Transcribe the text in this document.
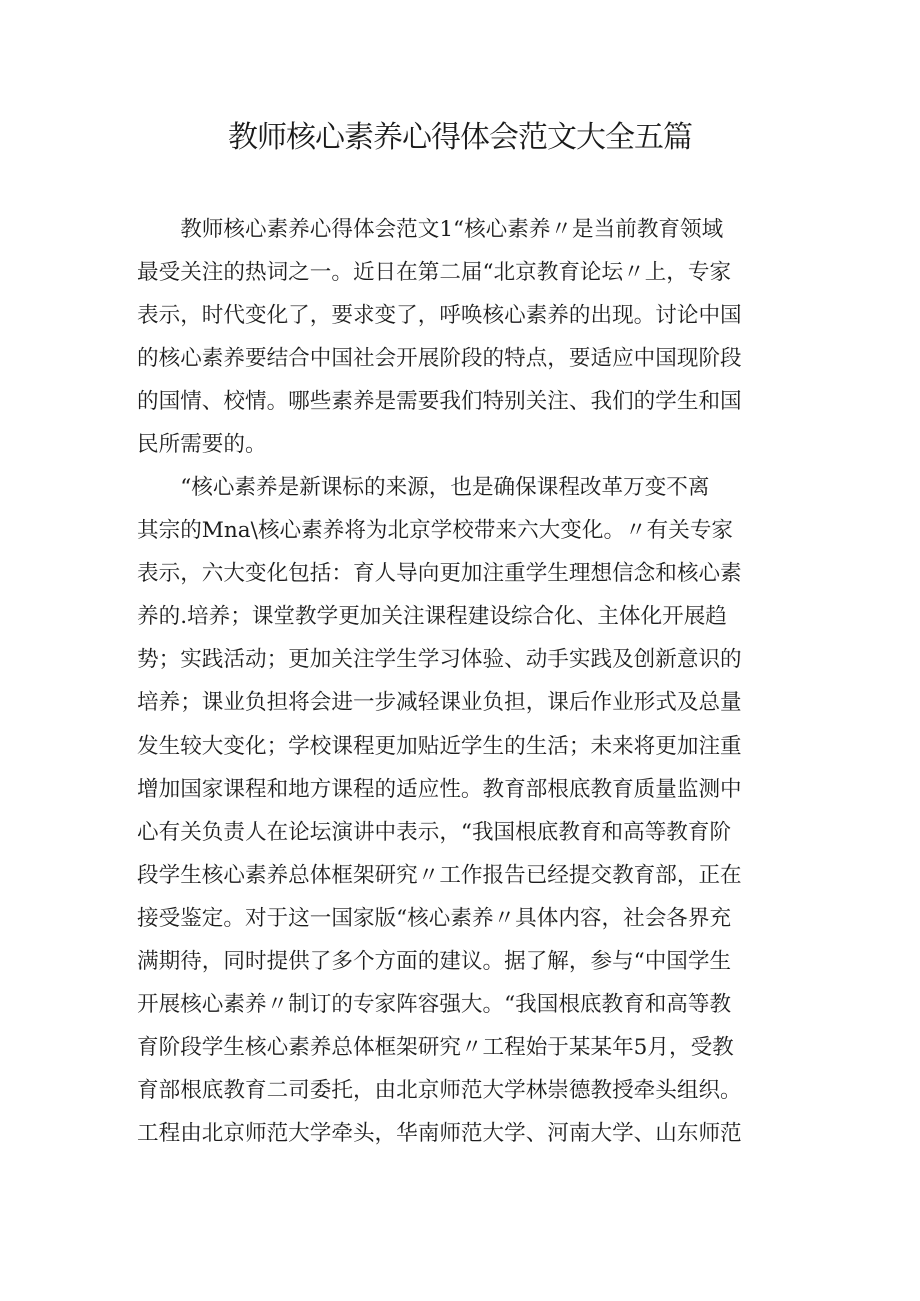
教师核心素养心得体会范文大全五篇
　　教师核心素养心得体会范文1“核心素养〃是当前教育领域
最受关注的热词之一。近日在第二届“北京教育论坛〃上，专家
表示，时代变化了，要求变了，呼唤核心素养的出现。讨论中国
的核心素养要结合中国社会开展阶段的特点，要适应中国现阶段
的国情、校情。哪些素养是需要我们特别关注、我们的学生和国
民所需要的。
　　“核心素养是新课标的来源，也是确保课程改革万变不离
其宗的Mna\核心素养将为北京学校带来六大变化。〃有关专家
表示，六大变化包括：育人导向更加注重学生理想信念和核心素
养的.培养；课堂教学更加关注课程建设综合化、主体化开展趋
势；实践活动；更加关注学生学习体验、动手实践及创新意识的
培养；课业负担将会进一步减轻课业负担，课后作业形式及总量
发生较大变化；学校课程更加贴近学生的生活；未来将更加注重
增加国家课程和地方课程的适应性。教育部根底教育质量监测中
心有关负责人在论坛演讲中表示，“我国根底教育和高等教育阶
段学生核心素养总体框架研究〃工作报告已经提交教育部，正在
接受鉴定。对于这一国家版“核心素养〃具体内容，社会各界充
满期待，同时提供了多个方面的建议。据了解，参与“中国学生
开展核心素养〃制订的专家阵容强大。“我国根底教育和高等教
育阶段学生核心素养总体框架研究〃工程始于某某年5月，受教
育部根底教育二司委托，由北京师范大学林崇德教授牵头组织。
工程由北京师范大学牵头，华南师范大学、河南大学、山东师范
